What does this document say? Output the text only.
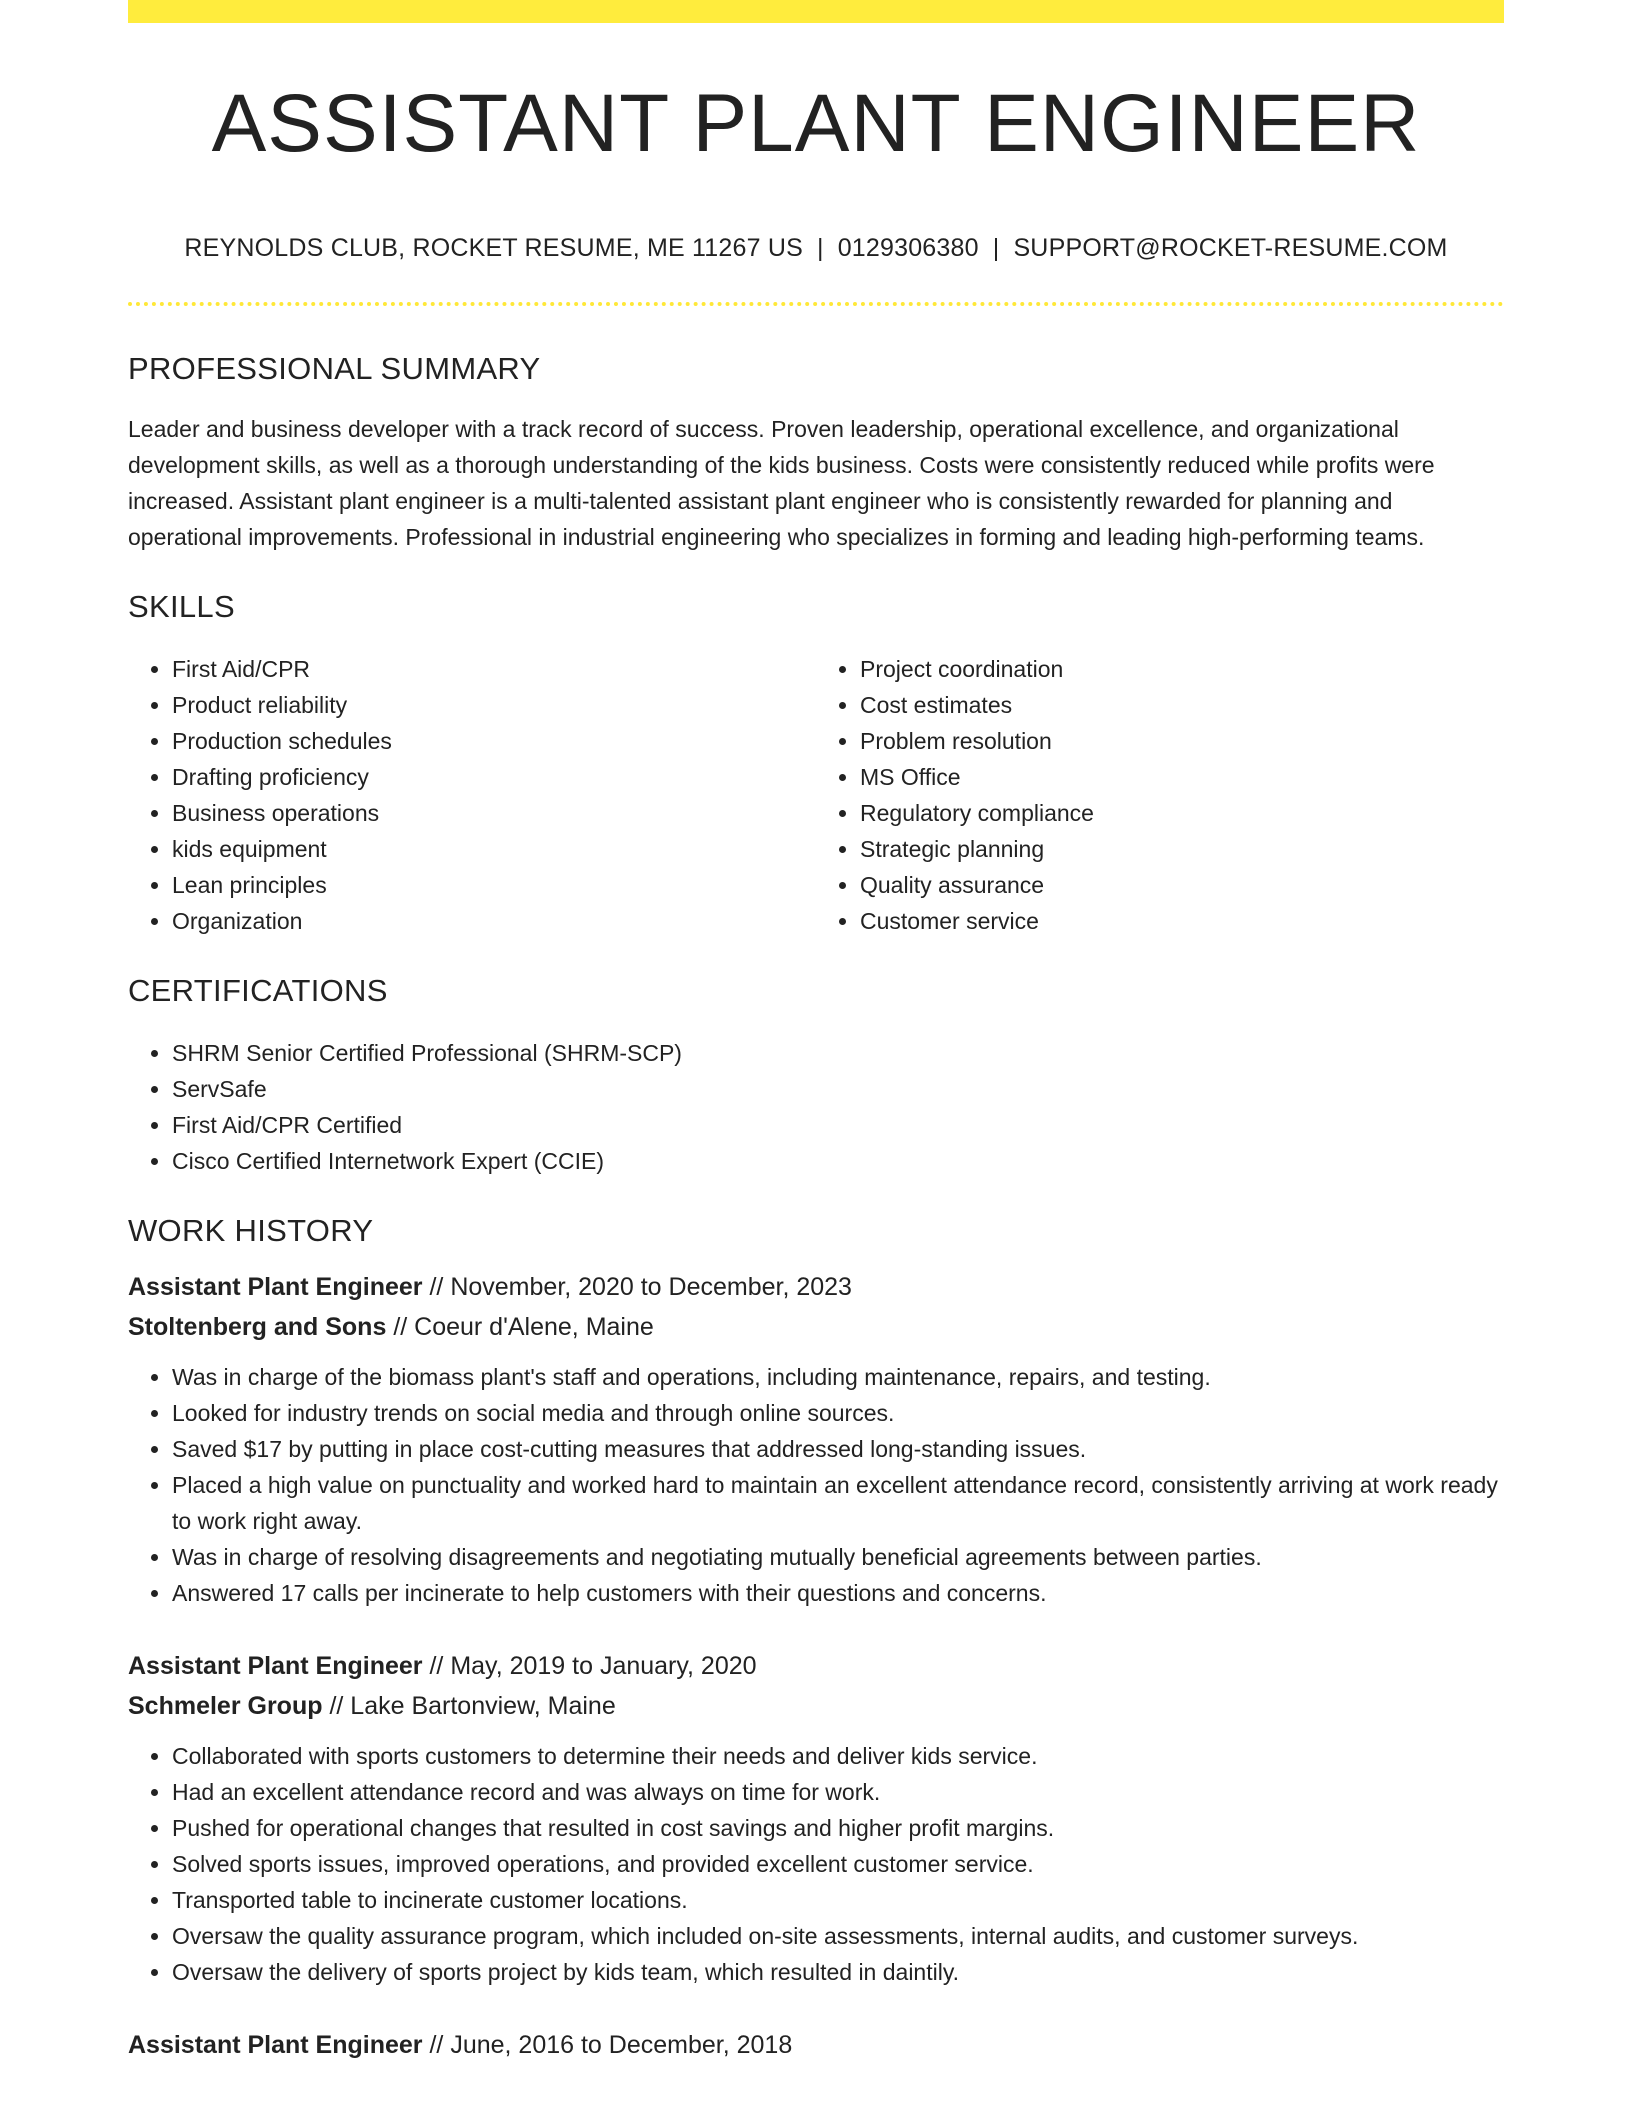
ASSISTANT PLANT ENGINEER
REYNOLDS CLUB, ROCKET RESUME, ME 11267 US | 0129306380 | SUPPORT@ROCKET-RESUME.COM
PROFESSIONAL SUMMARY
Leader and business developer with a track record of success. Proven leadership, operational excellence, and organizational development skills, as well as a thorough understanding of the kids business. Costs were consistently reduced while profits were increased. Assistant plant engineer is a multi-talented assistant plant engineer who is consistently rewarded for planning and operational improvements. Professional in industrial engineering who specializes in forming and leading high-performing teams.
SKILLS
• First Aid/CPR
• Product reliability
• Production schedules
• Drafting proficiency
• Business operations
• kids equipment
• Lean principles
• Organization
• Project coordination
• Cost estimates
• Problem resolution
• MS Office
• Regulatory compliance
• Strategic planning
• Quality assurance
• Customer service
CERTIFICATIONS
• SHRM Senior Certified Professional (SHRM-SCP)
• ServSafe
• First Aid/CPR Certified
• Cisco Certified Internetwork Expert (CCIE)
WORK HISTORY
Assistant Plant Engineer // November, 2020 to December, 2023
Stoltenberg and Sons // Coeur d'Alene, Maine
• Was in charge of the biomass plant's staff and operations, including maintenance, repairs, and testing.
• Looked for industry trends on social media and through online sources.
• Saved $17 by putting in place cost-cutting measures that addressed long-standing issues.
• Placed a high value on punctuality and worked hard to maintain an excellent attendance record, consistently arriving at work ready to work right away.
• Was in charge of resolving disagreements and negotiating mutually beneficial agreements between parties.
• Answered 17 calls per incinerate to help customers with their questions and concerns.
Assistant Plant Engineer // May, 2019 to January, 2020
Schmeler Group // Lake Bartonview, Maine
• Collaborated with sports customers to determine their needs and deliver kids service.
• Had an excellent attendance record and was always on time for work.
• Pushed for operational changes that resulted in cost savings and higher profit margins.
• Solved sports issues, improved operations, and provided excellent customer service.
• Transported table to incinerate customer locations.
• Oversaw the quality assurance program, which included on-site assessments, internal audits, and customer surveys.
• Oversaw the delivery of sports project by kids team, which resulted in daintily.
Assistant Plant Engineer // June, 2016 to December, 2018
